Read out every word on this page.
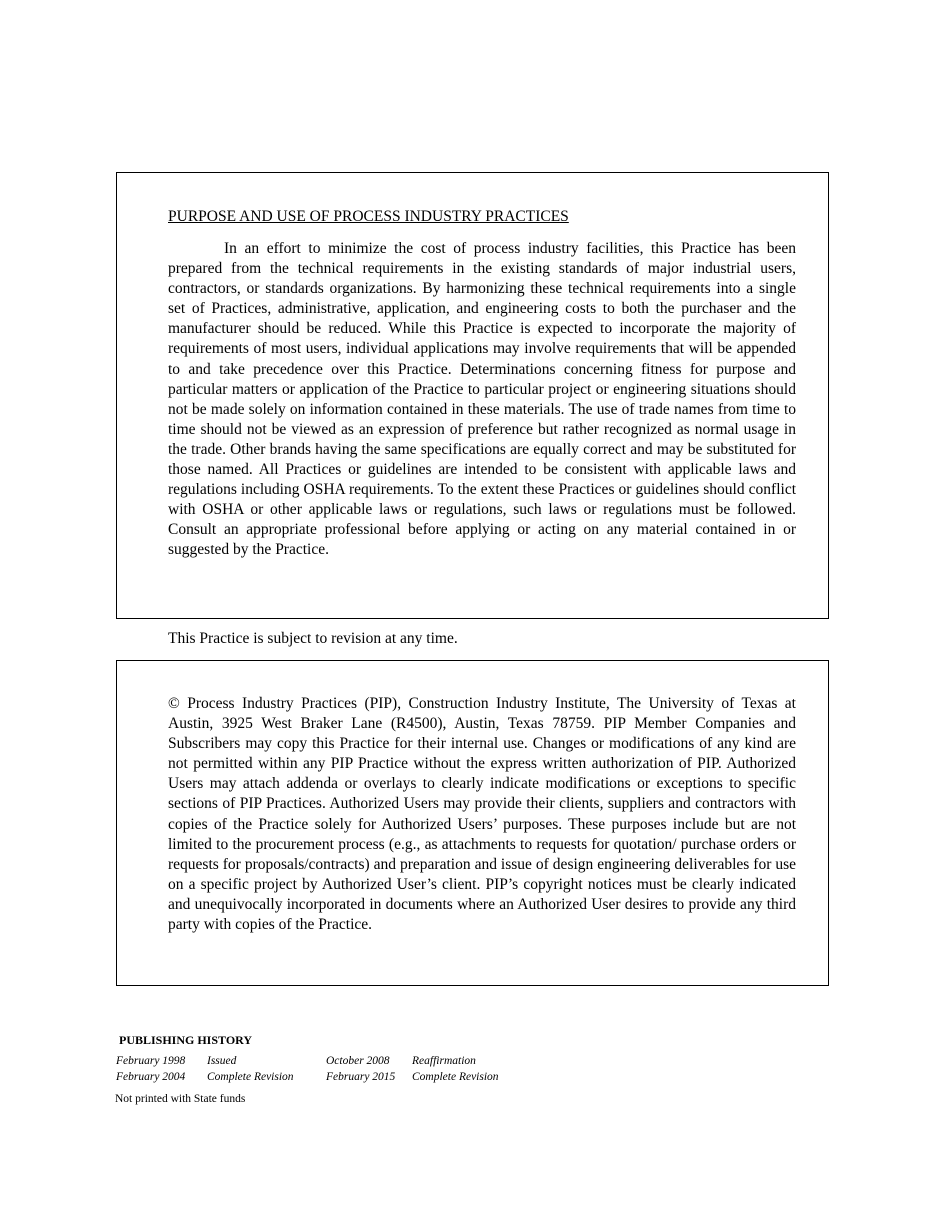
PURPOSE AND USE OF PROCESS INDUSTRY PRACTICES

In an effort to minimize the cost of process industry facilities, this Practice has been prepared from the technical requirements in the existing standards of major industrial users, contractors, or standards organizations. By harmonizing these technical requirements into a single set of Practices, administrative, application, and engineering costs to both the purchaser and the manufacturer should be reduced. While this Practice is expected to incorporate the majority of requirements of most users, individual applications may involve requirements that will be appended to and take precedence over this Practice. Determinations concerning fitness for purpose and particular matters or application of the Practice to particular project or engineering situations should not be made solely on information contained in these materials. The use of trade names from time to time should not be viewed as an expression of preference but rather recognized as normal usage in the trade. Other brands having the same specifications are equally correct and may be substituted for those named. All Practices or guidelines are intended to be consistent with applicable laws and regulations including OSHA requirements. To the extent these Practices or guidelines should conflict with OSHA or other applicable laws or regulations, such laws or regulations must be followed. Consult an appropriate professional before applying or acting on any material contained in or suggested by the Practice.

This Practice is subject to revision at any time.

© Process Industry Practices (PIP), Construction Industry Institute, The University of Texas at Austin, 3925 West Braker Lane (R4500), Austin, Texas 78759. PIP Member Companies and Subscribers may copy this Practice for their internal use. Changes or modifications of any kind are not permitted within any PIP Practice without the express written authorization of PIP. Authorized Users may attach addenda or overlays to clearly indicate modifications or exceptions to specific sections of PIP Practices. Authorized Users may provide their clients, suppliers and contractors with copies of the Practice solely for Authorized Users’ purposes. These purposes include but are not limited to the procurement process (e.g., as attachments to requests for quotation/ purchase orders or requests for proposals/contracts) and preparation and issue of design engineering deliverables for use on a specific project by Authorized User’s client. PIP’s copyright notices must be clearly indicated and unequivocally incorporated in documents where an Authorized User desires to provide any third party with copies of the Practice.

PUBLISHING HISTORY

February 1998	Issued	October 2008	Reaffirmation
February 2004	Complete Revision	February 2015	Complete Revision

Not printed with State funds
